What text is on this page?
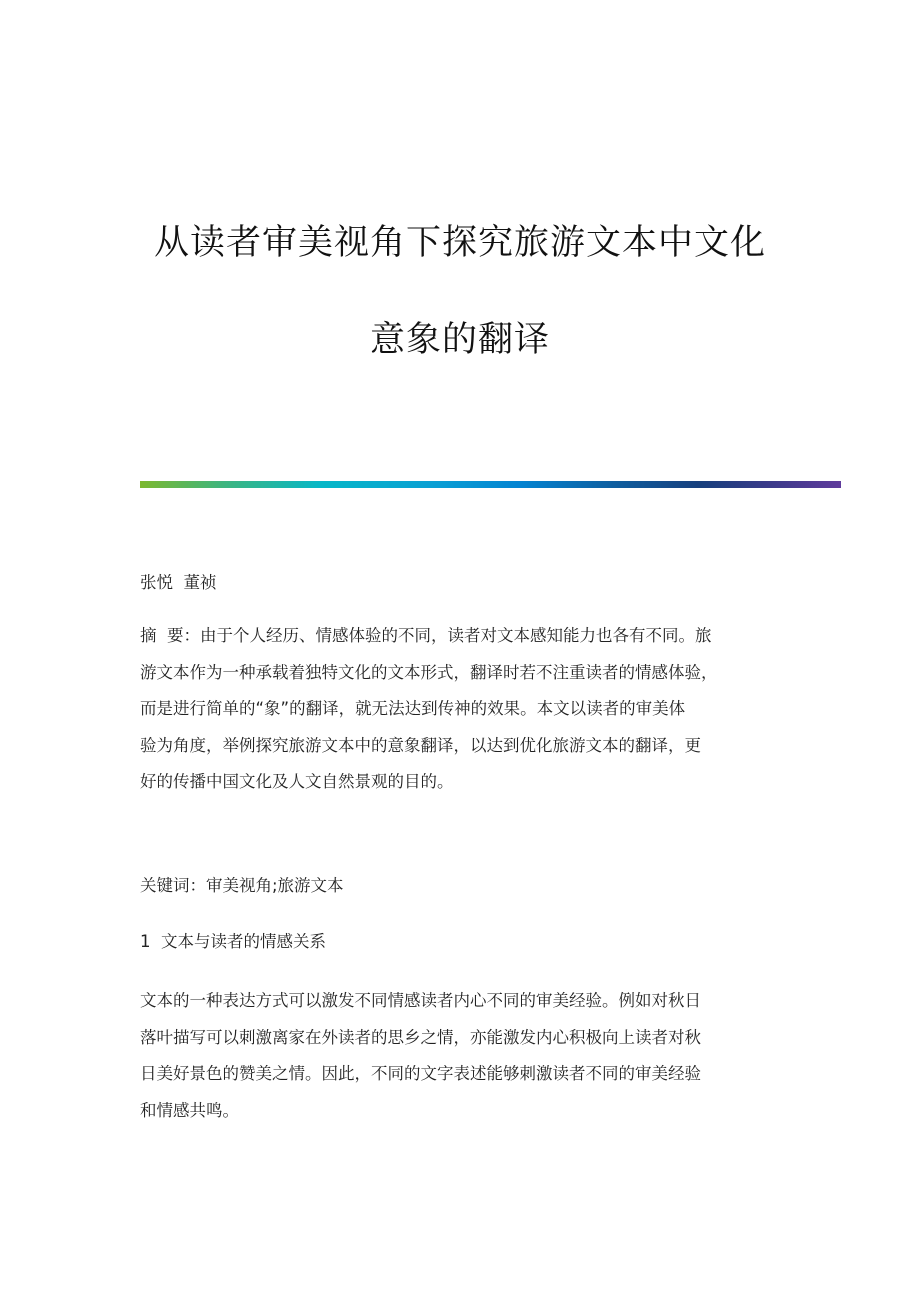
从读者审美视角下探究旅游文本中文化
意象的翻译
张悦  董祯
摘  要：由于个人经历、情感体验的不同，读者对文本感知能力也各有不同。旅
游文本作为一种承载着独特文化的文本形式，翻译时若不注重读者的情感体验，
而是进行简单的“象”的翻译，就无法达到传神的效果。本文以读者的审美体
验为角度，举例探究旅游文本中的意象翻译，以达到优化旅游文本的翻译，更
好的传播中国文化及人文自然景观的目的。
关键词：审美视角;旅游文本
1  文本与读者的情感关系
文本的一种表达方式可以激发不同情感读者内心不同的审美经验。例如对秋日
落叶描写可以刺激离家在外读者的思乡之情，亦能激发内心积极向上读者对秋
日美好景色的赞美之情。因此，不同的文字表述能够刺激读者不同的审美经验
和情感共鸣。
